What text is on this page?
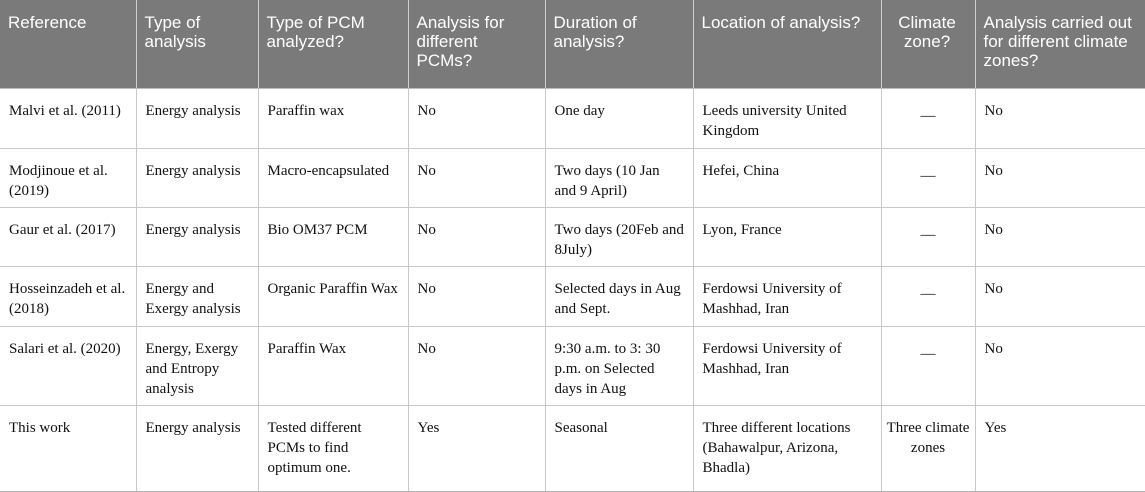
Reference	Type of analysis	Type of PCM analyzed?	Analysis for different PCMs?	Duration of analysis?	Location of analysis?	Climate zone?	Analysis carried out for different climate zones?
Malvi et al. (2011)	Energy analysis	Paraffin wax	No	One day	Leeds university United Kingdom	__	No
Modjinoue et al. (2019)	Energy analysis	Macro-encapsulated	No	Two days (10 Jan and 9 April)	Hefei, China	__	No
Gaur et al. (2017)	Energy analysis	Bio OM37 PCM	No	Two days (20Feb and 8July)	Lyon, France	__	No
Hosseinzadeh et al. (2018)	Energy and Exergy analysis	Organic Paraffin Wax	No	Selected days in Aug and Sept.	Ferdowsi University of Mashhad, Iran	__	No
Salari et al. (2020)	Energy, Exergy and Entropy analysis	Paraffin Wax	No	9:30 a.m. to 3: 30 p.m. on Selected days in Aug	Ferdowsi University of Mashhad, Iran	__	No
This work	Energy analysis	Tested different PCMs to find optimum one.	Yes	Seasonal	Three different locations (Bahawalpur, Arizona, Bhadla)	Three climate zones	Yes
